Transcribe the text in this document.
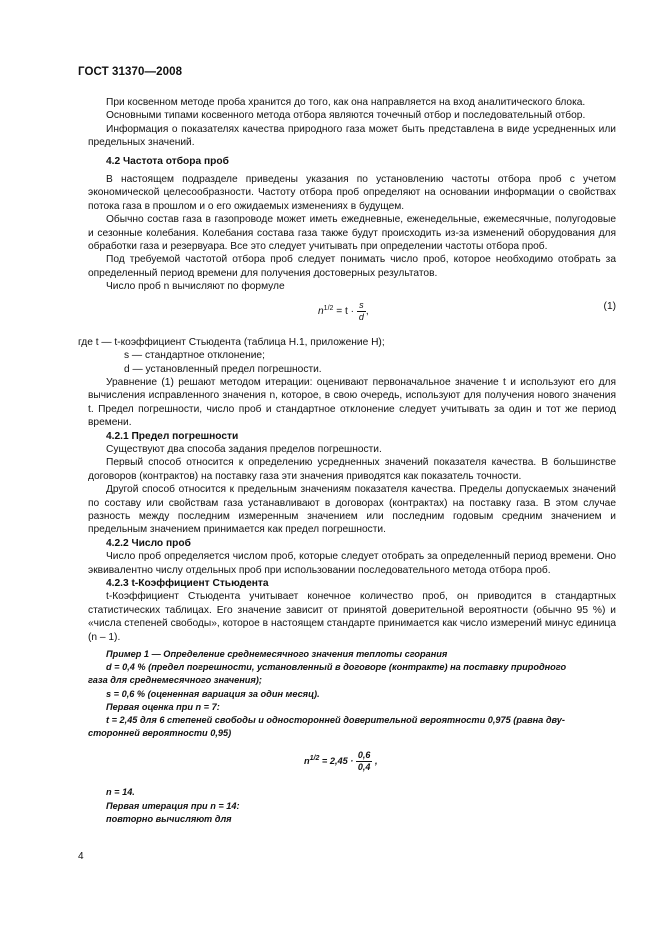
ГОСТ 31370—2008

При косвенном методе проба хранится до того, как она направляется на вход аналитического блока.

Основными типами косвенного метода отбора являются точечный отбор и последовательный отбор.

Информация о показателях качества природного газа может быть представлена в виде усредненных или предельных значений.

4.2 Частота отбора проб

В настоящем подразделе приведены указания по установлению частоты отбора проб с учетом экономической целесообразности. Частоту отбора проб определяют на основании информации о свойствах потока газа в прошлом и о его ожидаемых изменениях в будущем.

Обычно состав газа в газопроводе может иметь ежедневные, еженедельные, ежемесячные, полугодовые и сезонные колебания. Колебания состава газа также будут происходить из-за изменений оборудования для обработки газа и резервуара. Все это следует учитывать при определении частоты отбора проб.

Под требуемой частотой отбора проб следует понимать число проб, которое необходимо отобрать за определенный период времени для получения достоверных результатов.

Число проб n вычисляют по формуле

$n^{1/2} = t \cdot \frac{s}{d}$ ,	(1)

где t — t-коэффициент Стьюдента (таблица Н.1, приложение Н);

s — стандартное отклонение;

d — установленный предел погрешности.

Уравнение (1) решают методом итерации: оценивают первоначальное значение t и используют его для вычисления исправленного значения n, которое, в свою очередь, используют для получения нового значения t. Предел погрешности, число проб и стандартное отклонение следует учитывать за один и тот же период времени.

4.2.1 Предел погрешности

Существуют два способа задания пределов погрешности.

Первый способ относится к определению усредненных значений показателя качества. В большинстве договоров (контрактов) на поставку газа эти значения приводятся как показатель точности.

Другой способ относится к предельным значениям показателя качества. Пределы допускаемых значений по составу или свойствам газа устанавливают в договорах (контрактах) на поставку газа. В этом случае разность между последним измеренным значением или последним годовым средним значением и предельным значением принимается как предел погрешности.

4.2.2 Число проб

Число проб определяется числом проб, которые следует отобрать за определенный период времени. Оно эквивалентно числу отдельных проб при использовании последовательного метода отбора проб.

4.2.3 t-Коэффициент Стьюдента

t-Коэффициент Стьюдента учитывает конечное количество проб, он приводится в стандартных статистических таблицах. Его значение зависит от принятой доверительной вероятности (обычно 95 %) и «числа степеней свободы», которое в настоящем стандарте принимается как число измерений минус единица (n – 1).

Пример 1 — Определение среднемесячного значения теплоты сгорания

d = 0,4 % (предел погрешности, установленный в договоре (контракте) на поставку природного

газа для среднемесячного значения);

s = 0,6 % (оцененная вариация за один месяц).

Первая оценка при n = 7:

t = 2,45 для 6 степеней свободы и односторонней доверительной вероятности 0,975 (равна дву-

сторонней вероятности 0,95)

$n^{1/2} = 2,45 \cdot \frac{0,6}{0,4}$ ,

n = 14.

Первая итерация при n = 14:

повторно вычисляют для

4
